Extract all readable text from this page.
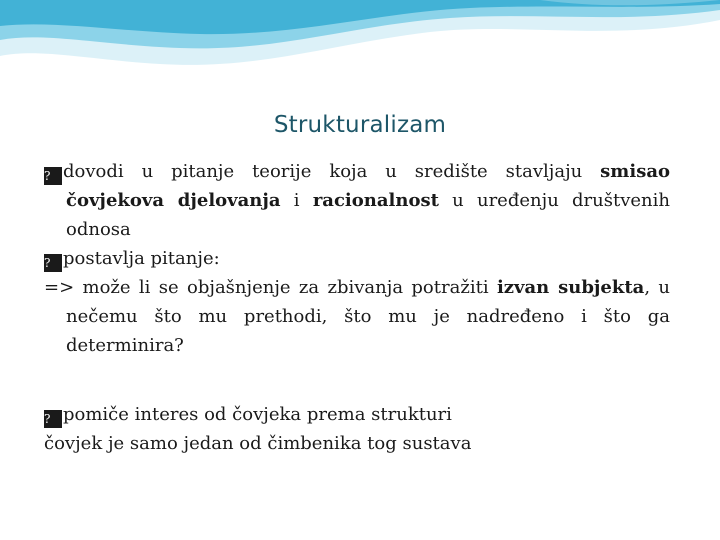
Strukturalizam
? dovodi u pitanje teorije koja u središte stavljaju smisao čovjekova djelovanja i racionalnost u uređenju društvenih odnosa
? postavlja pitanje:
=> može li se objašnjenje za zbivanja potražiti izvan subjekta, u nečemu što mu prethodi, što mu je nadređeno i što ga determinira?
? pomiče interes od čovjeka prema strukturi
čovjek je samo jedan od čimbenika tog sustava
